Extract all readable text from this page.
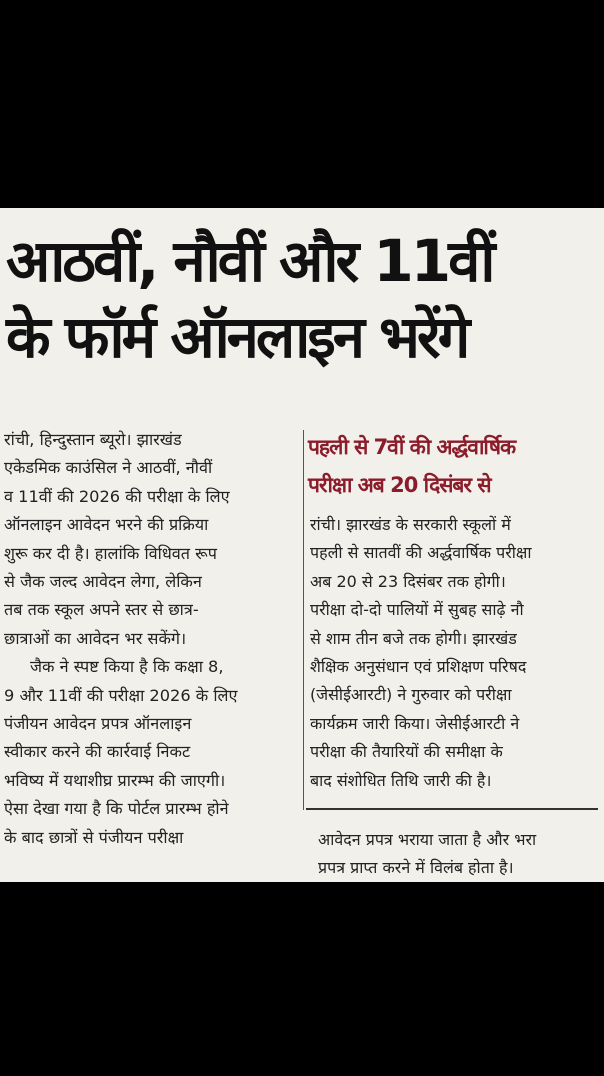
आठवीं, नौवीं और 11वीं
के फॉर्म ऑनलाइन भरेंगे
रांची, हिन्दुस्तान ब्यूरो। झारखंड
एकेडमिक काउंसिल ने आठवीं, नौवीं
व 11वीं की 2026 की परीक्षा के लिए
ऑनलाइन आवेदन भरने की प्रक्रिया
शुरू कर दी है। हालांकि विधिवत रूप
से जैक जल्द आवेदन लेगा, लेकिन
तब तक स्कूल अपने स्तर से छात्र-
छात्राओं का आवेदन भर सकेंगे।
जैक ने स्पष्ट किया है कि कक्षा 8,
9 और 11वीं की परीक्षा 2026 के लिए
पंजीयन आवेदन प्रपत्र ऑनलाइन
स्वीकार करने की कार्रवाई निकट
भविष्य में यथाशीघ्र प्रारम्भ की जाएगी।
ऐसा देखा गया है कि पोर्टल प्रारम्भ होने
के बाद छात्रों से पंजीयन परीक्षा
पहली से 7वीं की अर्द्धवार्षिक
परीक्षा अब 20 दिसंबर से
रांची। झारखंड के सरकारी स्कूलों में
पहली से सातवीं की अर्द्धवार्षिक परीक्षा
अब 20 से 23 दिसंबर तक होगी।
परीक्षा दो-दो पालियों में सुबह साढ़े नौ
से शाम तीन बजे तक होगी। झारखंड
शैक्षिक अनुसंधान एवं प्रशिक्षण परिषद
(जेसीईआरटी) ने गुरुवार को परीक्षा
कार्यक्रम जारी किया। जेसीईआरटी ने
परीक्षा की तैयारियों की समीक्षा के
बाद संशोधित तिथि जारी की है।
आवेदन प्रपत्र भराया जाता है और भरा
प्रपत्र प्राप्त करने में विलंब होता है।
